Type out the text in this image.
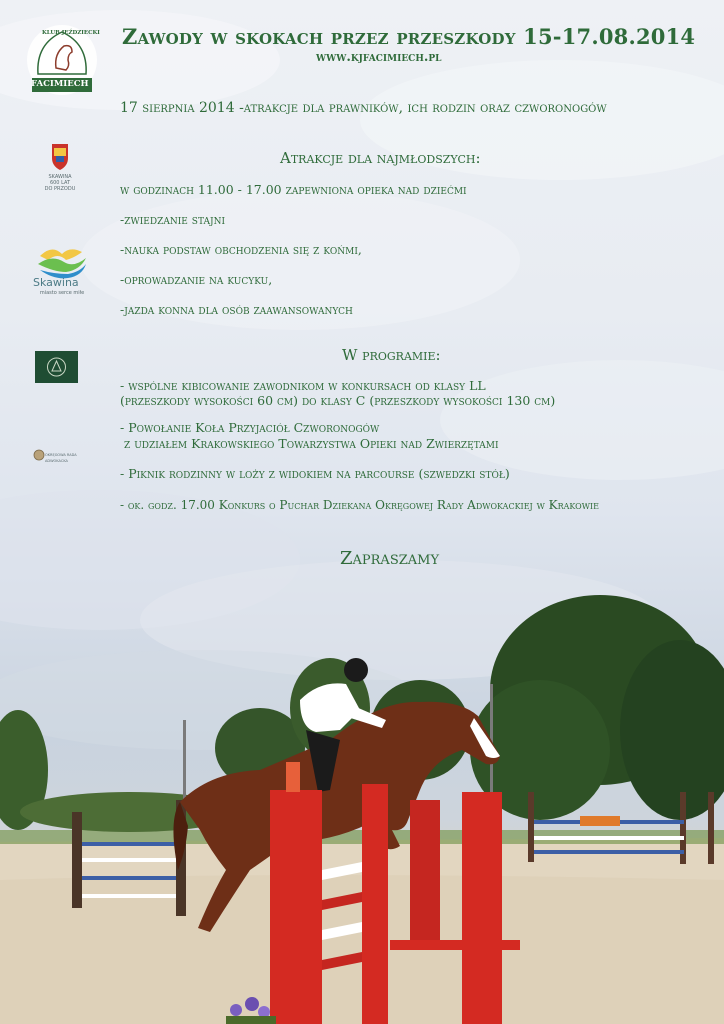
FACIMIECH
KLUB JEŹDZIECKI
SKAWINA
600 LAT
DO PRZODU
Skawina
miasto serce miłe
OKRĘGOWA RADA ADWOKACKA
Zawody w skokach przez przeszkody 15-17.08.2014
www.kjfacimiech.pl
17 sierpnia 2014 -atrakcje dla prawników, ich rodzin oraz czworonogów
Atrakcje dla najmłodszych:
w godzinach 11.00 - 17.00 zapewniona opieka nad dziećmi
-zwiedzanie stajni
-nauka podstaw obchodzenia się z końmi,
-oprowadzanie na kucyku,
-jazda konna dla osób zaawansowanych
W programie:
- wspólne kibicowanie zawodnikom w konkursach od klasy LL
(przeszkody wysokości 60 cm) do klasy C (przeszkody wysokości 130 cm)
- Powołanie Koła Przyjaciół Czworonogów
z udziałem Krakowskiego Towarzystwa Opieki nad Zwierzętami
- Piknik rodzinny w loży z widokiem na parcourse (szwedzki stół)
- ok. godz. 17.00 Konkurs o Puchar Dziekana Okręgowej Rady Adwokackiej w Krakowie
Zapraszamy
